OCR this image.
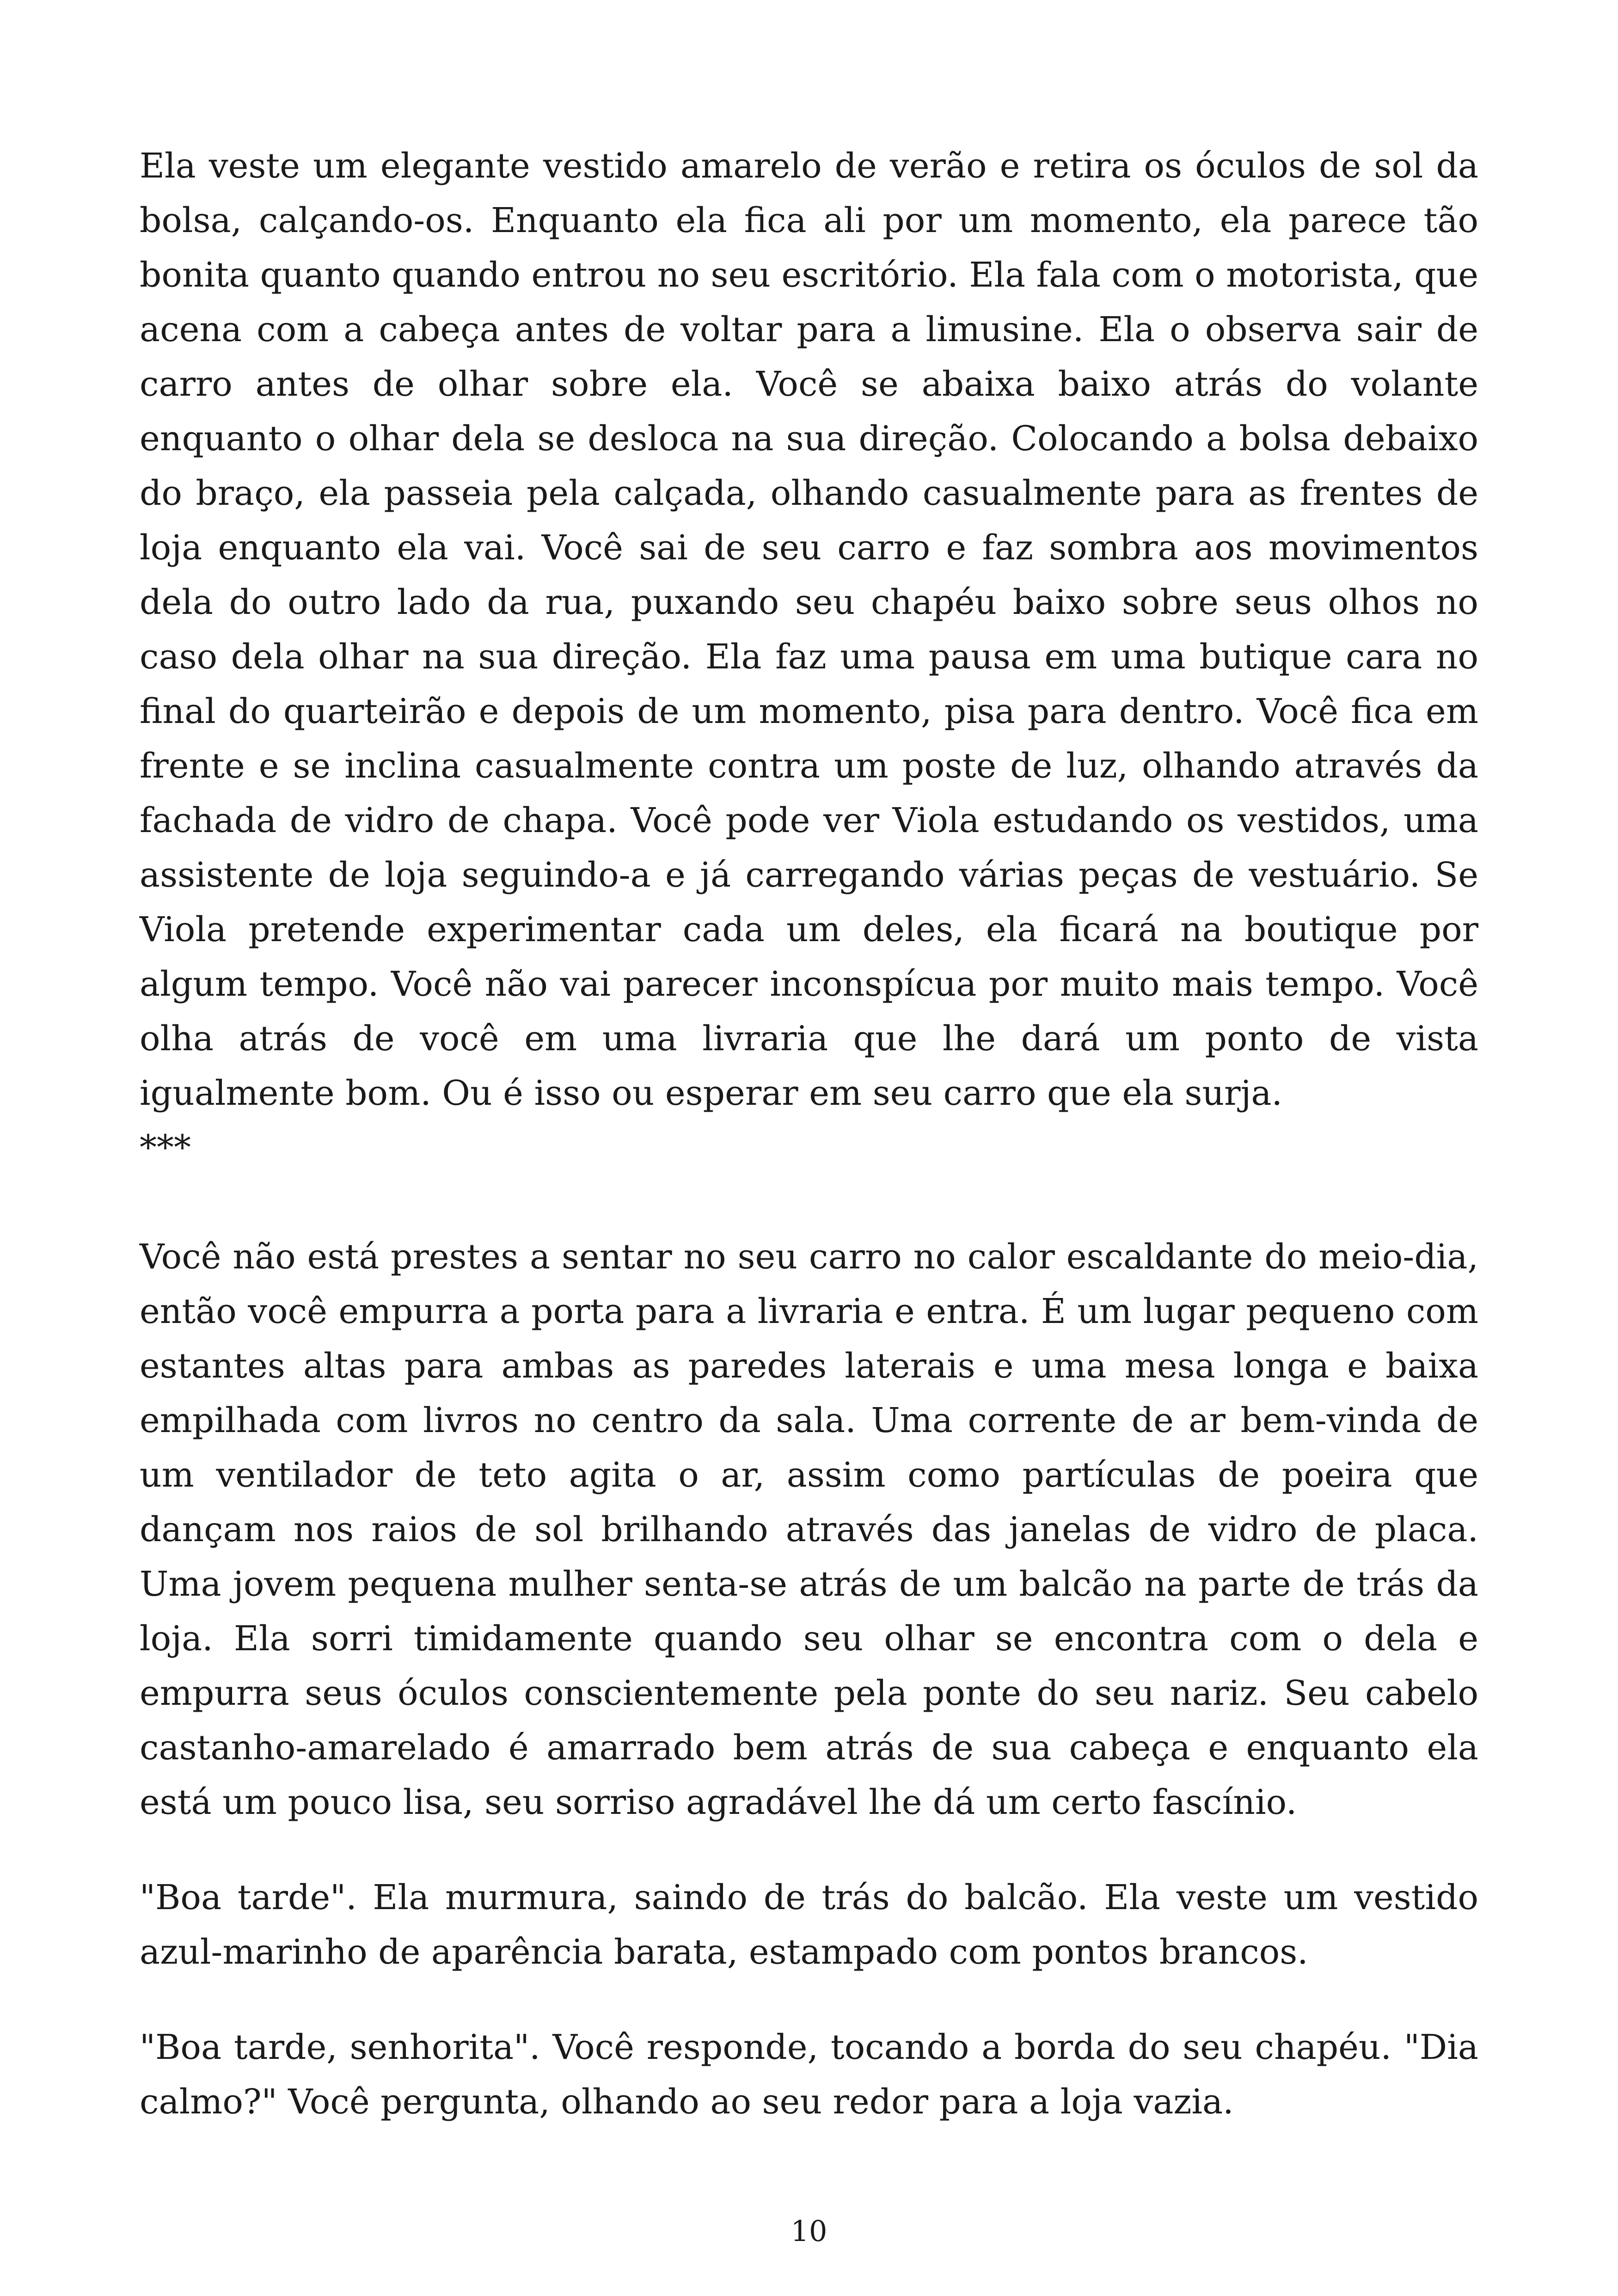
Ela veste um elegante vestido amarelo de verão e retira os óculos de sol da bolsa, calçando-os. Enquanto ela fica ali por um momento, ela parece tão bonita quanto quando entrou no seu escritório. Ela fala com o motorista, que acena com a cabeça antes de voltar para a limusine. Ela o observa sair de carro antes de olhar sobre ela. Você se abaixa baixo atrás do volante enquanto o olhar dela se desloca na sua direção. Colocando a bolsa debaixo do braço, ela passeia pela calçada, olhando casualmente para as frentes de loja enquanto ela vai. Você sai de seu carro e faz sombra aos movimentos dela do outro lado da rua, puxando seu chapéu baixo sobre seus olhos no caso dela olhar na sua direção. Ela faz uma pausa em uma butique cara no final do quarteirão e depois de um momento, pisa para dentro. Você fica em frente e se inclina casualmente contra um poste de luz, olhando através da fachada de vidro de chapa. Você pode ver Viola estudando os vestidos, uma assistente de loja seguindo-a e já carregando várias peças de vestuário. Se Viola pretende experimentar cada um deles, ela ficará na boutique por algum tempo. Você não vai parecer inconspícua por muito mais tempo. Você olha atrás de você em uma livraria que lhe dará um ponto de vista igualmente bom. Ou é isso ou esperar em seu carro que ela surja.

***

Você não está prestes a sentar no seu carro no calor escaldante do meio-dia, então você empurra a porta para a livraria e entra. É um lugar pequeno com estantes altas para ambas as paredes laterais e uma mesa longa e baixa empilhada com livros no centro da sala. Uma corrente de ar bem-vinda de um ventilador de teto agita o ar, assim como partículas de poeira que dançam nos raios de sol brilhando através das janelas de vidro de placa. Uma jovem pequena mulher senta-se atrás de um balcão na parte de trás da loja. Ela sorri timidamente quando seu olhar se encontra com o dela e empurra seus óculos conscientemente pela ponte do seu nariz. Seu cabelo castanho-amarelado é amarrado bem atrás de sua cabeça e enquanto ela está um pouco lisa, seu sorriso agradável lhe dá um certo fascínio.

"Boa tarde". Ela murmura, saindo de trás do balcão. Ela veste um vestido azul-marinho de aparência barata, estampado com pontos brancos.

"Boa tarde, senhorita". Você responde, tocando a borda do seu chapéu. "Dia calmo?" Você pergunta, olhando ao seu redor para a loja vazia.

10
